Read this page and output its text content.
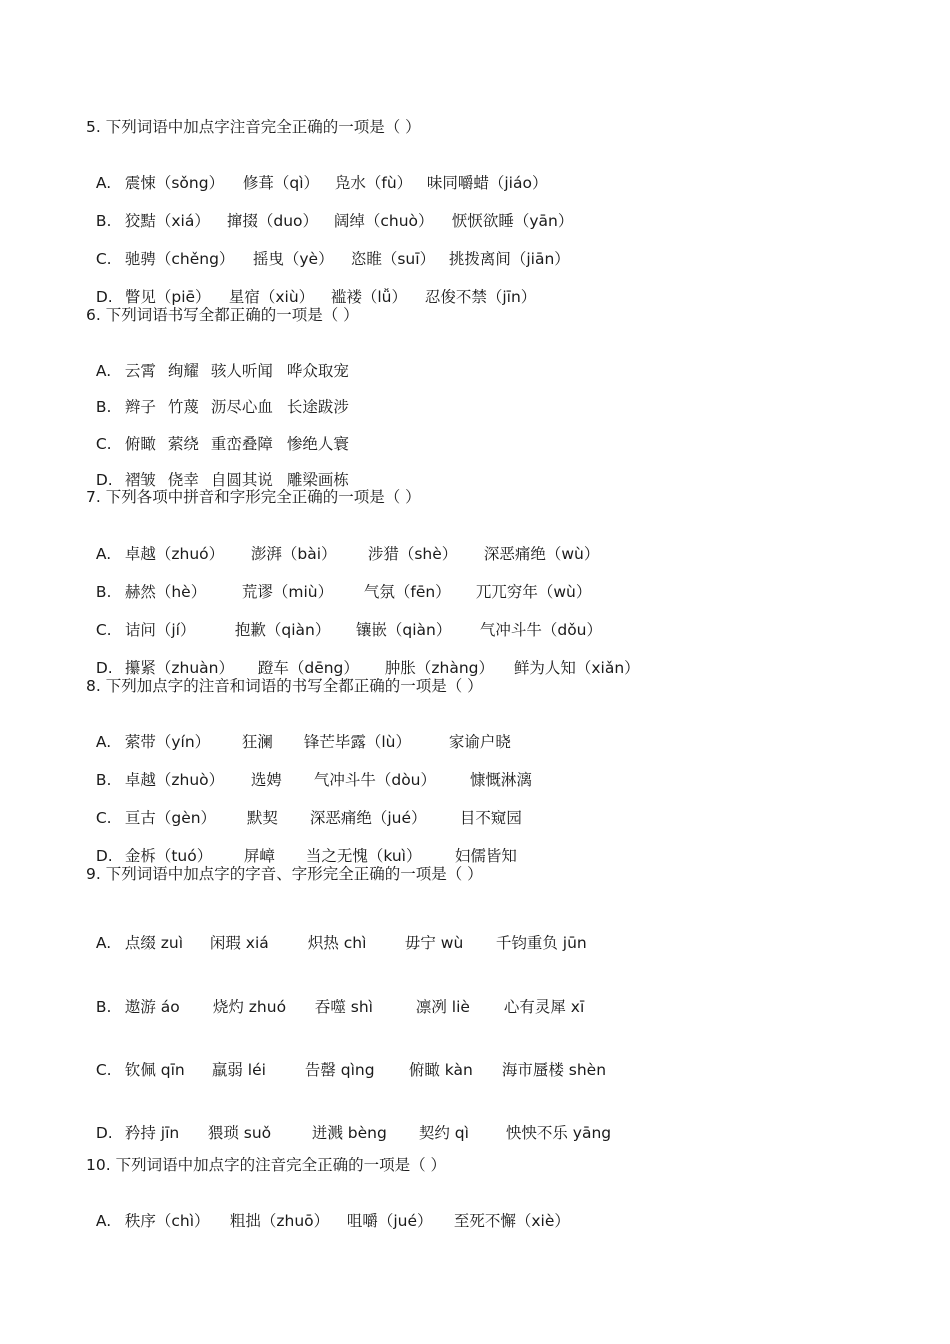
5. 下列词语中加点字注音完全正确的一项是（ ）

A. 震悚（sǒng） 修葺（qì） 凫水（fù） 味同嚼蜡（jiáo）

B. 狡黠（xiá） 撺掇（duo） 阔绰（chuò） 恹恹欲睡（yān）

C. 驰骋（chěng） 摇曳（yè） 恣睢（suī） 挑拨离间（jiān）

D. 瞥见（piē） 星宿（xiù） 褴褛（lǚ） 忍俊不禁（jīn）

6. 下列词语书写全都正确的一项是（ ）

A. 云霄 绚耀 骇人听闻 哗众取宠

B. 辫子 竹蔑 沥尽心血 长途跋涉

C. 俯瞰 萦绕 重峦叠障 惨绝人寰

D. 褶皱 侥幸 自圆其说 雕梁画栋

7. 下列各项中拼音和字形完全正确的一项是（ ）

A. 卓越（zhuó） 澎湃（bài） 涉猎（shè） 深恶痛绝（wù）

B. 赫然（hè） 荒谬（miù） 气氛（fēn） 兀兀穷年（wù）

C. 诘问（jí）	抱歉（qiàn） 镶嵌（qiàn） 气冲斗牛（dǒu）

D. 攥紧（zhuàn） 蹬车（dēng） 肿胀（zhàng） 鲜为人知（xiǎn）

8. 下列加点字的注音和词语的书写全都正确的一项是（ ）

A. 萦带（yín） 狂澜 锋芒毕露（lù） 家谕户晓

B. 卓越（zhuò） 选娉 气冲斗牛（dòu） 慷慨淋漓

C. 亘古（gèn） 默契 深恶痛绝（jué） 目不窥园

D. 金柝（tuó） 屏嶂 当之无愧（kuì） 妇儒皆知

9. 下列词语中加点字的字音、字形完全正确的一项是（ ）

A. 点缀 zuì 闲瑕 xiá	炽热 chì 毋宁 wù 千钧重负 jūn

B. 遨游 áo 烧灼 zhuó 吞噬 shì	凛冽 liè 心有灵犀 xī

C. 钦佩 qīn 羸弱 léi	告罄 qìng 俯瞰 kàn 海市蜃楼 shèn

D. 矜持 jīn 猥琐 suǒ	迸溅 bèng 契约 qì 怏怏不乐 yāng

10. 下列词语中加点字的注音完全正确的一项是（ ）

A. 秩序（chì） 粗拙（zhuō） 咀嚼（jué） 至死不懈（xiè）
